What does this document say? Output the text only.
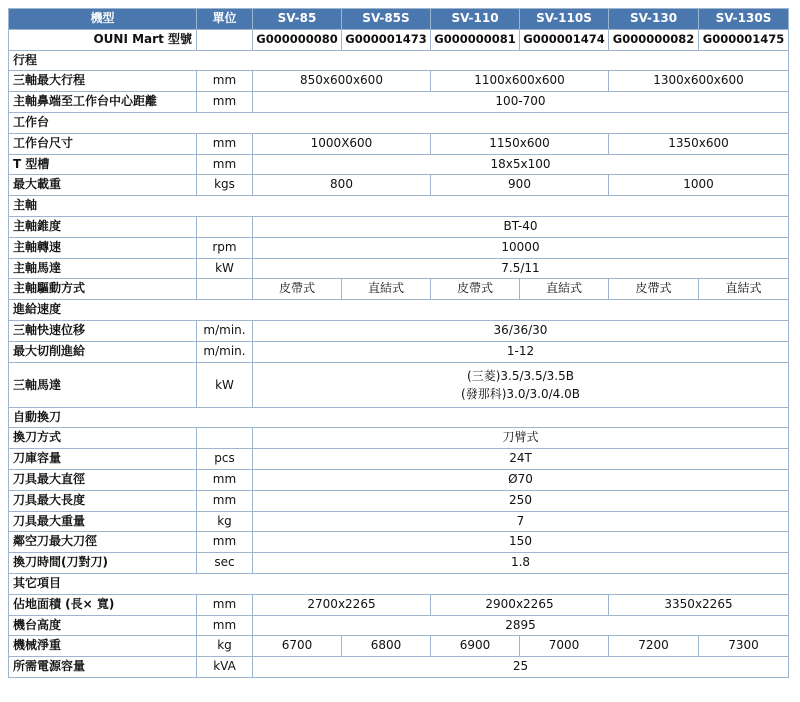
機型	單位	SV-85	SV-85S	SV-110	SV-110S	SV-130	SV-130S
OUNI Mart 型號		G000000080	G000001473	G000000081	G000001474	G000000082	G000001475
行程							
三軸最大行程	mm	850x600x600		1100x600x600		1300x600x600	
主軸鼻端至工作台中心距離	mm	100-700					
工作台							
工作台尺寸	mm	1000X600		1150x600		1350x600	
T 型槽	mm	18x5x100					
最大載重	kgs	800		900		1000	
主軸							
主軸錐度		BT-40					
主軸轉速	rpm	10000					
主軸馬達	kW	7.5/11					
主軸驅動方式		皮帶式	直結式	皮帶式	直結式	皮帶式	直結式
進給速度							
三軸快速位移	m/min.	36/36/30					
最大切削進給	m/min.	1-12					
三軸馬達	kW	(三菱)3.5/3.5/3.5B
(發那科)3.0/3.0/4.0B					

自動換刀							
換刀方式		刀臂式					
刀庫容量	pcs	24T					
刀具最大直徑	mm	Ø70					
刀具最大長度	mm	250					
刀具最大重量	kg	7					
鄰空刀最大刀徑	mm	150					
換刀時間(刀對刀)	sec	1.8					
其它項目							
佔地面積 (長× 寬)	mm	2700x2265		2900x2265		3350x2265	
機台高度	mm	2895					
機械淨重	kg	6700	6800	6900	7000	7200	7300
所需電源容量	kVA	25					
